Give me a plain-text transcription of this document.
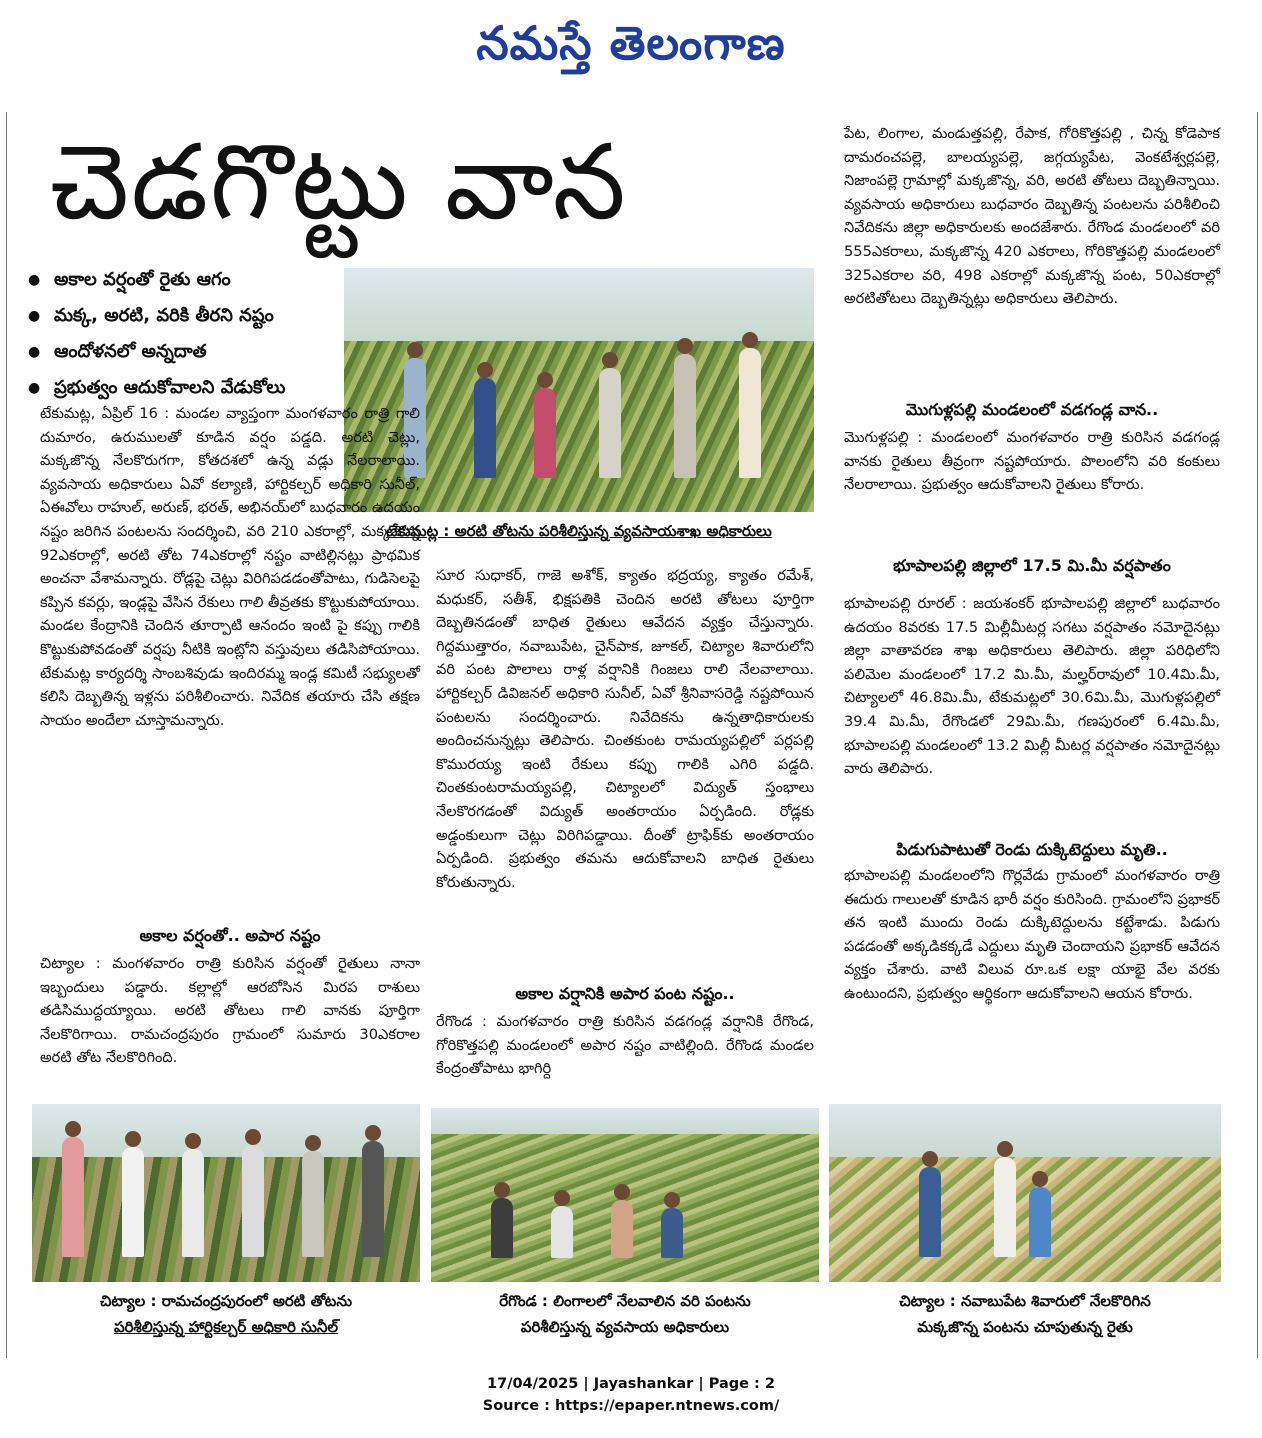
నమస్తే తెలంగాణ
చెడగొట్టు వాన
● అకాల వర్షంతో రైతు ఆగం
● మక్క, అరటి, వరికి తీరని నష్టం
● ఆందోళనలో అన్నదాత
● ప్రభుత్వం ఆదుకోవాలని వేడుకోలు
టేకుమట్ల : అరటి తోటను పరిశీలిస్తున్న వ్యవసాయశాఖ అధికారులు

టేకుమట్ల, ఏప్రిల్ 16 : మండల వ్యాప్తంగా మంగళవారం రాత్రి గాలి దుమారం, ఉరుములతో కూడిన వర్షం పడ్డది. అరటి చెట్లు, మక్కజొన్న నేలకొరుగగా, కోతదశలో ఉన్న వడ్లు నేలరాలాయి. వ్యవసాయ అధికారులు ఏవో కల్యాణి, హార్టికల్చర్ అధికారి సునీల్, ఏఈవోలు రాహుల్, అరుణ్, భరత్, అభినయ్‌లో బుధవారం ఉదయం నష్టం జరిగిన పంటలను సందర్శించి, వరి 210 ఎకరాల్లో, మక్కజొన్న 92ఎకరాల్లో, అరటి తోట 74ఎకరాల్లో నష్టం వాటిల్లినట్లు ప్రాథమిక అంచనా వేశామన్నారు. రోడ్లపై చెట్లు విరిగిపడడంతోపాటు, గుడిసెలపై కప్పిన కవర్లు, ఇండ్లపై వేసిన రేకులు గాలి తీవ్రతకు కొట్టుకుపోయాయి. మండల కేంద్రానికి చెందిన తూర్పాటి ఆనందం ఇంటి పై కప్పు గాలికి కొట్టుకుపోవడంతో వర్షపు నీటికి ఇంట్లోని వస్తువులు తడిసిపోయాయి. టేకుమట్ల కార్యదర్శి సాంబశివుడు ఇందిరమ్మ ఇండ్ల కమిటీ సభ్యులతో కలిసి దెబ్బతిన్న ఇళ్లను పరిశీలించారు. నివేదిక తయారు చేసి తక్షణ సాయం అందేలా చూస్తామన్నారు.

అకాల వర్షంతో.. అపార నష్టం

చిట్యాల : మంగళవారం రాత్రి కురిసిన వర్షంతో రైతులు నానా ఇబ్బందులు పడ్డారు. కల్లాల్లో ఆరబోసిన మిరప రాశులు తడిసిముద్దయ్యాయి. అరటి తోటలు గాలి వానకు పూర్తిగా నేలకొరిగాయి. రామచంద్రపురం గ్రామంలో సుమారు 30ఎకరాల అరటి తోట నేలకొరిగింది.

సూర సుధాకర్, గాజె అశోక్, క్యాతం భద్రయ్య, క్యాతం రమేశ్, మధుకర్, సతీశ్, భిక్షపతికి చెందిన అరటి తోటలు పూర్తిగా దెబ్బతినడంతో బాధిత రైతులు ఆవేదన వ్యక్తం చేస్తున్నారు. గిద్దముత్తారం, నవాబుపేట, చైన్‌పాక, జూకల్, చిట్యాల శివారులోని వరి పంట పొలాలు రాళ్ల వర్షానికి గింజలు రాలి నేలవాలాయి. హార్టికల్చర్ డివిజనల్ అధికారి సునీల్, ఏవో శ్రీనివాసరెడ్డి నష్టపోయిన పంటలను సందర్శించారు. నివేదికను ఉన్నతాధికారులకు అందించనున్నట్లు తెలిపారు. చింతకుంట రామయ్యపల్లిలో పర్లపల్లి కొమురయ్య ఇంటి రేకులు కప్పు గాలికి ఎగిరి పడ్డది. చింతకుంటరామయ్యపల్లి, చిట్యాలలో విద్యుత్ స్తంభాలు నేలకొరగడంతో విద్యుత్ అంతరాయం ఏర్పడింది. రోడ్లకు అడ్డంకులుగా చెట్లు విరిగిపడ్డాయి. దీంతో ట్రాఫిక్‌కు అంతరాయం ఏర్పడింది. ప్రభుత్వం తమను ఆదుకోవాలని బాధిత రైతులు కోరుతున్నారు.

అకాల వర్షానికి అపార పంట నష్టం..

రేగొండ : మంగళవారం రాత్రి కురిసిన వడగండ్ల వర్షానికి రేగొండ, గోరికొత్తపల్లి మండలంలో అపార నష్టం వాటిల్లింది. రేగొండ మండల కేంద్రంతోపాటు భాగిర్ది

పేట, లింగాల, మండుత్తపల్లి, రేపాక, గోరికొత్తపల్లి , చిన్న కోడెపాక దామరంచపల్లె, బాలయ్యపల్లె, జగ్గయ్యపేట, వెంకటేశ్వర్లపల్లె, నిజాంపల్లె గ్రామాల్లో మక్కజొన్న, వరి, అరటి తోటలు దెబ్బతిన్నాయి. వ్యవసాయ అధికారులు బుధవారం దెబ్బతిన్న పంటలను పరిశీలించి నివేదికను జిల్లా అధికారులకు అందజేశారు. రేగొండ మండలంలో వరి 555ఎకరాలు, మక్కజొన్న 420 ఎకరాలు, గోరికొత్తపల్లి మండలంలో 325ఎకరాల వరి, 498 ఎకరాల్లో మక్కజొన్న పంట, 50ఎకరాల్లో అరటితోటలు దెబ్బతిన్నట్లు అధికారులు తెలిపారు.

మొగుళ్లపల్లి మండలంలో వడగండ్ల వాన..

మొగుళ్లపల్లి : మండలంలో మంగళవారం రాత్రి కురిసిన వడగండ్ల వానకు రైతులు తీవ్రంగా నష్టపోయారు. పొలంలోని వరి కంకులు నేలరాలాయి. ప్రభుత్వం ఆదుకోవాలని రైతులు కోరారు.

భూపాలపల్లి జిల్లాలో 17.5 మి.మీ వర్షపాతం

భూపాలపల్లి రూరల్ : జయశంకర్ భూపాలపల్లి జిల్లాలో బుధవారం ఉదయం 8వరకు 17.5 మిల్లీమీటర్ల సగటు వర్షపాతం నమోదైనట్లు జిల్లా వాతావరణ శాఖ అధికారులు తెలిపారు. జిల్లా పరిధిలోని పలిమెల మండలంలో 17.2 మి.మీ, మల్హర్‌రావులో 10.4మి.మీ, చిట్యాలలో 46.8మి.మీ, టేకుమట్లలో 30.6మి.మీ, మొగుళ్లపల్లిలో 39.4 మి.మీ, రేగొండలో 29మి.మీ, గణపురంలో 6.4మి.మీ, భూపాలపల్లి మండలంలో 13.2 మిల్లీ మీటర్ల వర్షపాతం నమోదైనట్లు వారు తెలిపారు.

పిడుగుపాటుతో రెండు దుక్కిటెద్దులు మృతి..

భూపాలపల్లి మండలంలోని గొర్లవేడు గ్రామంలో మంగళవారం రాత్రి ఈదురు గాలులతో కూడిన భారీ వర్షం కురిసింది. గ్రామంలోని ప్రభాకర్ తన ఇంటి ముందు రెండు దుక్కిటెద్దులను కట్టేశాడు. పిడుగు పడడంతో అక్కడికక్కడే ఎద్దులు మృతి చెందాయని ప్రభాకర్ ఆవేదన వ్యక్తం చేశారు. వాటి విలువ రూ.ఒక లక్షా యాభై వేల వరకు ఉంటుందని, ప్రభుత్వం ఆర్థికంగా ఆదుకోవాలని ఆయన కోరారు.

చిట్యాల : రామచంద్రపురంలో అరటి తోటను
పరిశీలిస్తున్న హార్టికల్చర్ అధికారి సునీల్
రేగొండ : లింగాలలో నేలవాలిన వరి పంటను
పరిశీలిస్తున్న వ్యవసాయ అధికారులు
చిట్యాల : నవాబుపేట శివారులో నేలకొరిగిన
మక్కజొన్న పంటను చూపుతున్న రైతు
17/04/2025 | Jayashankar | Page : 2
Source : https://epaper.ntnews.com/
